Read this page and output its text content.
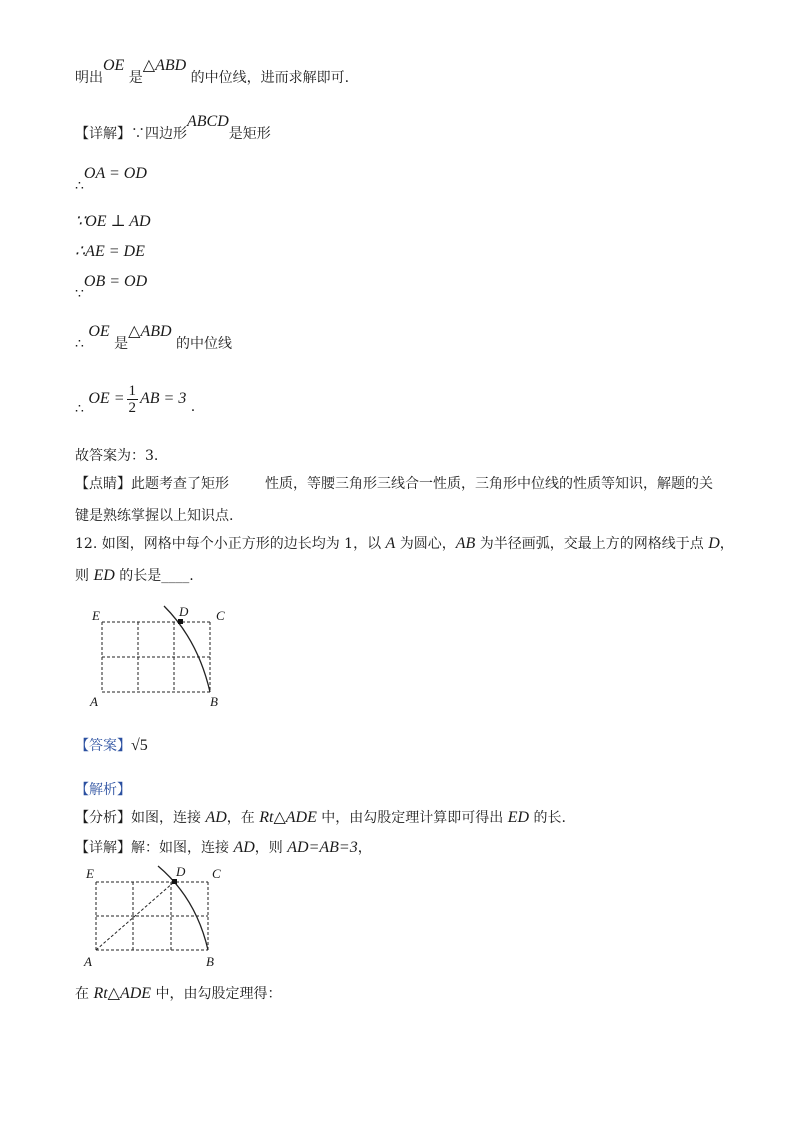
明出OE 是△ABD 的中位线，进而求解即可.
【详解】∵四边形ABCD是矩形
∴OA = OD
∵OE ⊥ AD
∴AE = DE
∵OB = OD
∴ OE 是△ABD 的中位线
∴ OE = $\frac{1}{2}$ AB = 3 .
故答案为：3.
【点睛】此题考查了矩形	性质，等腰三角形三线合一性质，三角形中位线的性质等知识，解题的关
键是熟练掌握以上知识点.
12. 如图，网格中每个小正方形的边长均为 1，以 A 为圆心，AB 为半径画弧，交最上方的网格线于点 D，
则 ED 的长是____.
E	D C
A	B
【答案】√5
【解析】
【分析】如图，连接 AD，在 Rt△ADE 中，由勾股定理计算即可得出 ED 的长.
【详解】解：如图，连接 AD，则 AD=AB=3，
E	D C
A	B
在 Rt△ADE 中，由勾股定理得：
